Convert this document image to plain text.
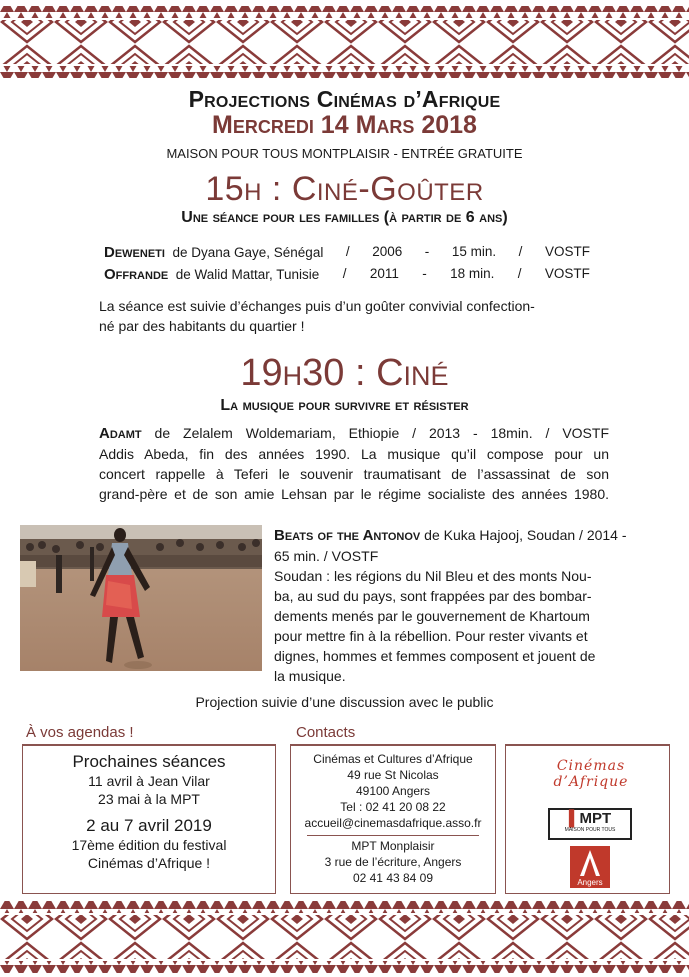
Projections Cinémas d’Afrique
Mercredi 14 Mars 2018
MAISON POUR TOUS MONTPLAISIR - ENTRÉE GRATUITE
15h : Ciné-Goûter
Une séance pour les familles (à partir de 6 ans)
Deweneti de Dyana Gaye, Sénégal / 2006 - 15 min. / VOSTF
Offrande de Walid Mattar, Tunisie / 2011 - 18 min. / VOSTF
La séance est suivie d’échanges puis d’un goûter convivial confection-
né par des habitants du quartier !
19h30 : Ciné
La musique pour survivre et résister
Adamt de Zelalem Woldemariam, Ethiopie / 2013 - 18min. / VOSTF
Addis Abeda, fin des années 1990. La musique qu’il compose pour un
concert rappelle à Teferi le souvenir traumatisant de l’assassinat de son
grand-père et de son amie Lehsan par le régime socialiste des années 1980.
Beats of the Antonov de Kuka Hajooj, Soudan / 2014 -
65 min. / VOSTF
Soudan : les régions du Nil Bleu et des monts Nou-
ba, au sud du pays, sont frappées par des bombar-
dements menés par le gouvernement de Khartoum
pour mettre fin à la rébellion. Pour rester vivants et
dignes, hommes et femmes composent et jouent de
la musique.
Projection suivie d’une discussion avec le public
À vos agendas !	Contacts
Prochaines séances
11 avril à Jean Vilar
23 mai à la MPT
2 au 7 avril 2019
17ème édition du festival
Cinémas d’Afrique !
Cinémas et Cultures d’Afrique
49 rue St Nicolas
49100 Angers
Tel : 02 41 20 08 22
accueil@cinemasdafrique.asso.fr
MPT Monplaisir
3 rue de l’écriture, Angers
02 41 43 84 09
Cinémas
d’Afrique
▌MPT
MAISON POUR TOUS
Angers
